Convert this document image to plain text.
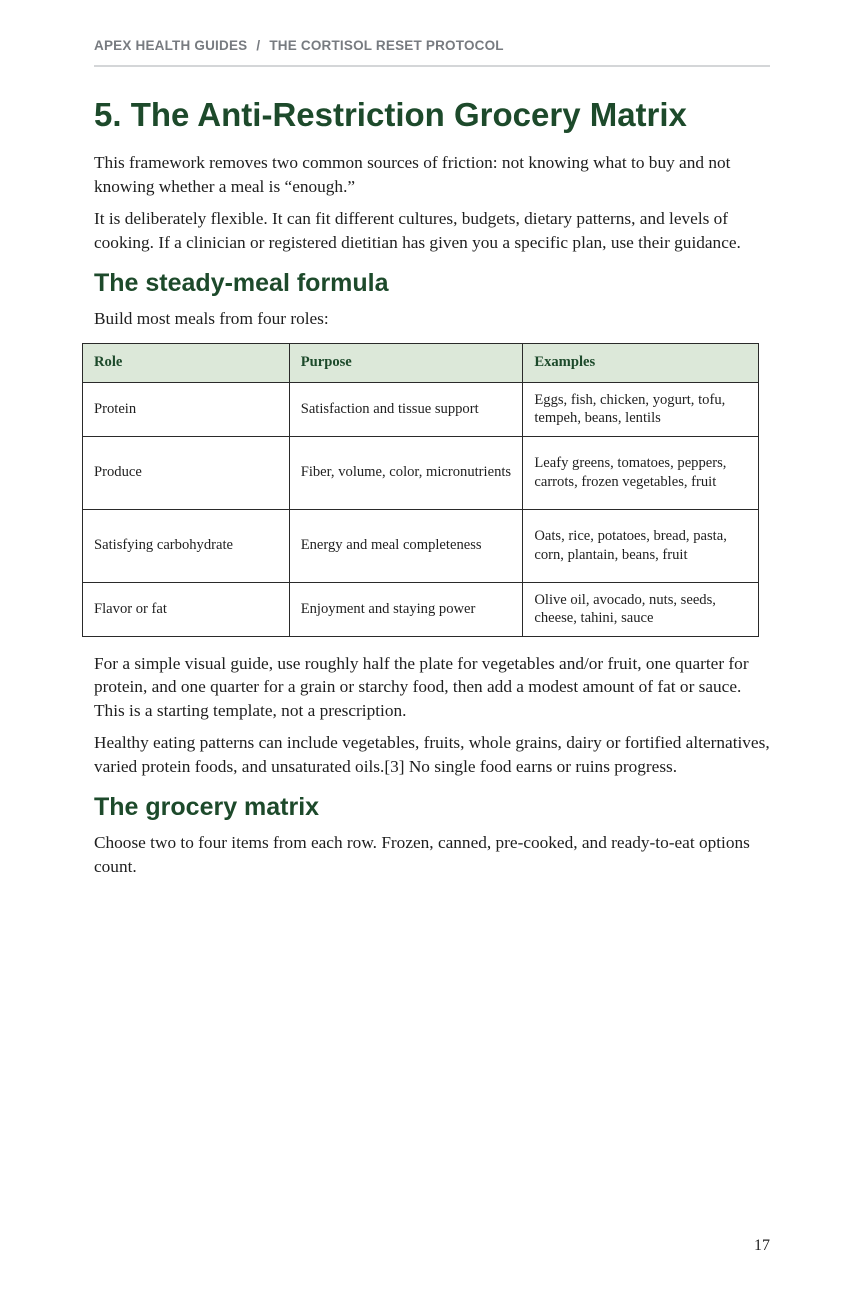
APEX HEALTH GUIDES / THE CORTISOL RESET PROTOCOL
5. The Anti-Restriction Grocery Matrix

This framework removes two common sources of friction: not knowing what to buy and not knowing whether a meal is “enough.”

It is deliberately flexible. It can fit different cultures, budgets, dietary patterns, and levels of cooking. If a clinician or registered dietitian has given you a specific plan, use their guidance.

The steady-meal formula

Build most meals from four roles:

Role	Purpose	Examples
Protein	Satisfaction and tissue support	Eggs, fish, chicken, yogurt, tofu, tempeh, beans, lentils
Produce	Fiber, volume, color, micronutrients	Leafy greens, tomatoes, peppers, carrots, frozen vegetables, fruit
Satisfying carbohydrate	Energy and meal completeness	Oats, rice, potatoes, bread, pasta, corn, plantain, beans, fruit
Flavor or fat	Enjoyment and staying power	Olive oil, avocado, nuts, seeds, cheese, tahini, sauce

For a simple visual guide, use roughly half the plate for vegetables and/or fruit, one quarter for protein, and one quarter for a grain or starchy food, then add a modest amount of fat or sauce. This is a starting template, not a prescription.

Healthy eating patterns can include vegetables, fruits, whole grains, dairy or fortified alternatives, varied protein foods, and unsaturated oils.[3] No single food earns or ruins progress.

The grocery matrix

Choose two to four items from each row. Frozen, canned, pre-cooked, and ready-to-eat options count.

17
